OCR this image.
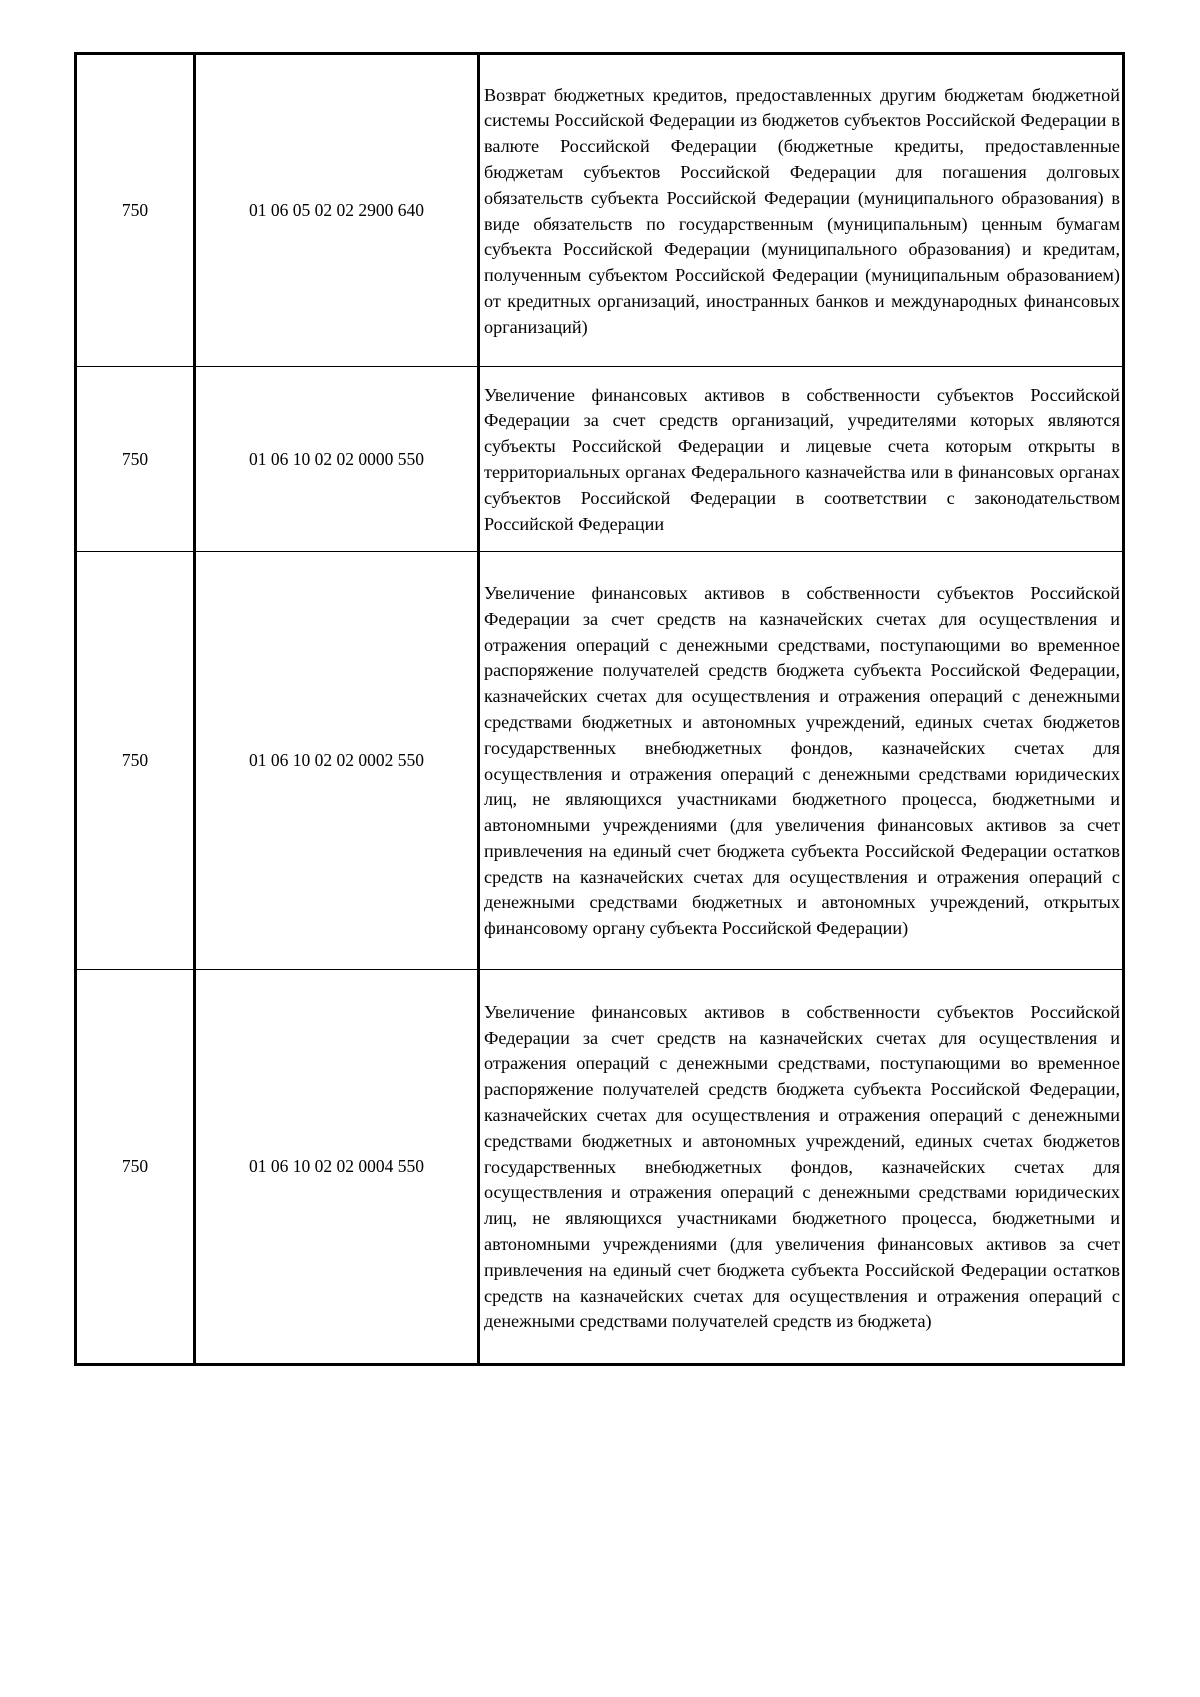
750	01 06 05 02 02 2900 640	Возврат бюджетных кредитов, предоставленных другим бюджетам бюджетной системы Российской Федерации из бюджетов субъектов Российской Федерации в валюте Российской Федерации (бюджетные кредиты, предоставленные бюджетам субъектов Российской Федерации для погашения долговых обязательств субъекта Российской Федерации (муниципального образования) в виде обязательств по государственным (муниципальным) ценным бумагам субъекта Российской Федерации (муниципального образования) и кредитам, полученным субъектом Российской Федерации (муниципальным образованием) от кредитных организаций, иностранных банков и международных финансовых организаций)
750	01 06 10 02 02 0000 550	Увеличение финансовых активов в собственности субъектов Российской Федерации за счет средств организаций, учредителями которых являются субъекты Российской Федерации и лицевые счета которым открыты в территориальных органах Федерального казначейства или в финансовых органах субъектов Российской Федерации в соответствии с законодательством Российской Федерации
750	01 06 10 02 02 0002 550	Увеличение финансовых активов в собственности субъектов Российской Федерации за счет средств на казначейских счетах для осуществления и отражения операций с денежными средствами, поступающими во временное распоряжение получателей средств бюджета субъекта Российской Федерации, казначейских счетах для осуществления и отражения операций с денежными средствами бюджетных и автономных учреждений, единых счетах бюджетов государственных внебюджетных фондов, казначейских счетах для осуществления и отражения операций с денежными средствами юридических лиц, не являющихся участниками бюджетного процесса, бюджетными и автономными учреждениями (для увеличения финансовых активов за счет привлечения на единый счет бюджета субъекта Российской Федерации остатков средств на казначейских счетах для осуществления и отражения операций с денежными средствами бюджетных и автономных учреждений, открытых финансовому органу субъекта Российской Федерации)
750	01 06 10 02 02 0004 550	Увеличение финансовых активов в собственности субъектов Российской Федерации за счет средств на казначейских счетах для осуществления и отражения операций с денежными средствами, поступающими во временное распоряжение получателей средств бюджета субъекта Российской Федерации, казначейских счетах для осуществления и отражения операций с денежными средствами бюджетных и автономных учреждений, единых счетах бюджетов государственных внебюджетных фондов, казначейских счетах для осуществления и отражения операций с денежными средствами юридических лиц, не являющихся участниками бюджетного процесса, бюджетными и автономными учреждениями (для увеличения финансовых активов за счет привлечения на единый счет бюджета субъекта Российской Федерации остатков средств на казначейских счетах для осуществления и отражения операций с денежными средствами получателей средств из бюджета)
